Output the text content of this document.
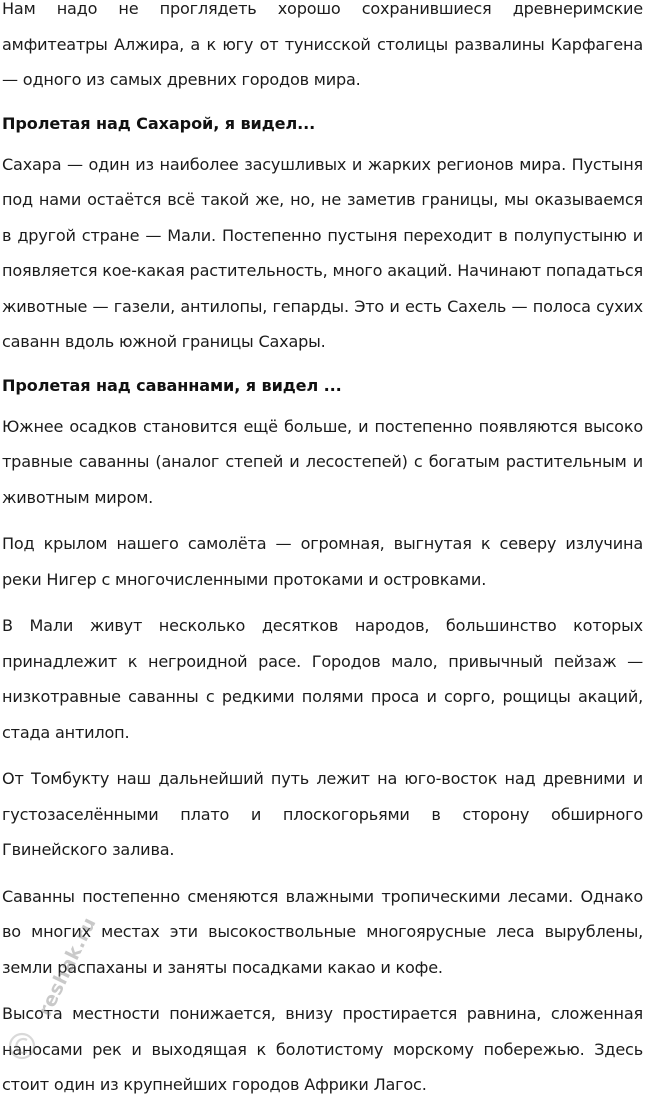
Нам надо не проглядеть хорошо сохранившиеся древнеримские амфитеатры Алжира, а к югу от тунисской столицы развалины Карфагена — одного из самых древних городов мира.

Пролетая над Сахарой, я видел...

Сахара — один из наиболее засушливых и жарких регионов мира. Пустыня под нами остаётся всё такой же, но, не заметив границы, мы оказываемся в другой стране — Мали. Постепенно пустыня переходит в полупустыню и появляется кое-какая растительность, много акаций. Начинают попадаться животные — газели, антилопы, гепарды. Это и есть Сахель — полоса сухих саванн вдоль южной границы Сахары.

Пролетая над саваннами, я видел ...

Южнее осадков становится ещё больше, и постепенно появляются высоко травные саванны (аналог степей и лесостепей) с богатым растительным и животным миром.

Под крылом нашего самолёта — огромная, выгнутая к северу излучина реки Нигер с многочисленными протоками и островками.

В Мали живут несколько десятков народов, большинство которых принадлежит к негроидной расе. Городов мало, привычный пейзаж — низкотравные саванны с редкими полями проса и сорго, рощицы акаций, стада антилоп.

От Томбукту наш дальнейший путь лежит на юго-восток над древними и густозаселёнными плато и плоскогорьями в сторону обширного Гвинейского залива.

Саванны постепенно сменяются влажными тропическими лесами. Однако во многих местах эти высокоствольные многоярусные леса вырублены, земли распаханы и заняты посадками какао и кофе.

Высота местности понижается, внизу простирается равнина, сложенная наносами рек и выходящая к болотистому морскому побережью. Здесь стоит один из крупнейших городов Африки Лагос.

reshak.ru
